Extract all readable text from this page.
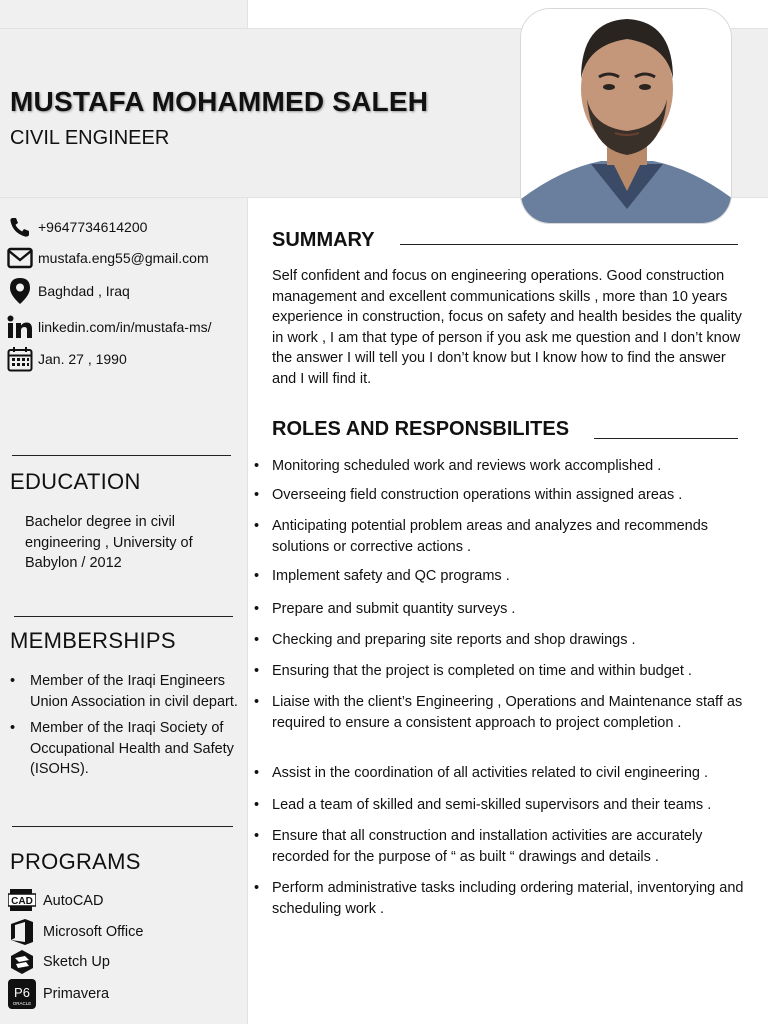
MUSTAFA MOHAMMED SALEH
CIVIL ENGINEER
+9647734614200
mustafa.eng55@gmail.com
Baghdad , Iraq
linkedin.com/in/mustafa-ms/
Jan. 27 , 1990
EDUCATION
Bachelor degree in civil engineering , University of Babylon / 2012
MEMBERSHIPS
• Member of the Iraqi Engineers Union Association in civil depart.
• Member of the Iraqi Society of Occupational Health and Safety (ISOHS).
PROGRAMS
CAD AutoCAD
Microsoft Office
Sketch Up
P6
ORACLE
Primavera
SUMMARY
Self confident and focus on engineering operations. Good construction management and excellent communications skills , more than 10 years experience in construction, focus on safety and health besides the quality in work , I am that type of person if you ask me question and I don’t know the answer I will tell you I don’t know but I know how to find the answer and I will find it.
ROLES AND RESPONSBILITES
• Monitoring scheduled work and reviews work accomplished .
• Overseeing field construction operations within assigned areas .
• Anticipating potential problem areas and analyzes and recommends solutions or corrective actions .
• Implement safety and QC programs .
• Prepare and submit quantity surveys .
• Checking and preparing site reports and shop drawings .
• Ensuring that the project is completed on time and within budget .
• Liaise with the client’s Engineering , Operations and Maintenance staff as required to ensure a consistent approach to project completion .
• Assist in the coordination of all activities related to civil engineering .
• Lead a team of skilled and semi-skilled supervisors and their teams .
• Ensure that all construction and installation activities are accurately recorded for the purpose of “ as built “ drawings and details .
• Perform administrative tasks including ordering material, inventorying and scheduling work .
